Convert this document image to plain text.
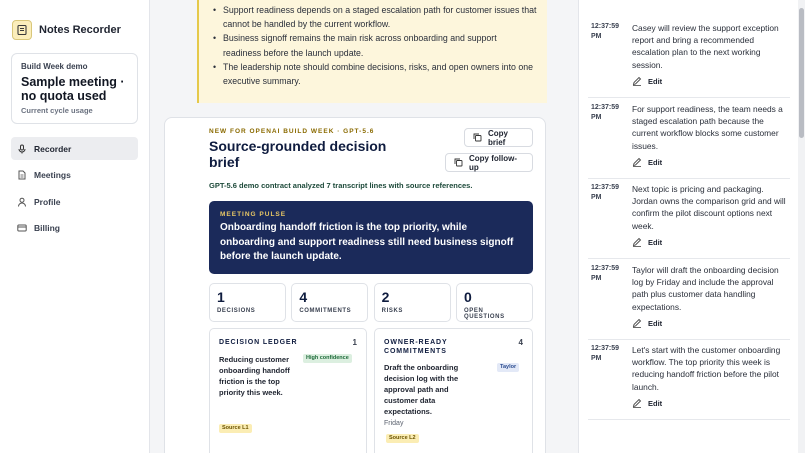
Notes Recorder
Build Week demo
Sample meeting · no quota used
Current cycle usage
Recorder
Meetings
Profile
Billing
• Support readiness depends on a staged escalation path for customer issues that cannot be handled by the current workflow.
• Business signoff remains the main risk across onboarding and support readiness before the launch update.
• The leadership note should combine decisions, risks, and open owners into one executive summary.
NEW FOR OPENAI BUILD WEEK · GPT-5.6
Source-grounded decision brief
Copy brief
Copy follow-up
GPT-5.6 demo contract analyzed 7 transcript lines with source references.
MEETING PULSE
Onboarding handoff friction is the top priority, while onboarding and support readiness still need business signoff before the launch update.
1
DECISIONS
4
COMMITMENTS
2
RISKS
0
OPEN QUESTIONS
DECISION LEDGER	1
Reducing customer onboarding handoff friction is the top priority this week.
High confidence
Source L1
OWNER-READY COMMITMENTS
4
Draft the onboarding decision log with the approval path and customer data expectations.
Taylor
Friday
Source L2
12:37:59 PM
Casey will review the support exception report and bring a recommended escalation plan to the next working session.
Edit
12:37:59 PM
For support readiness, the team needs a staged escalation path because the current workflow blocks some customer issues.
Edit
12:37:59 PM
Next topic is pricing and packaging. Jordan owns the comparison grid and will confirm the pilot discount options next week.
Edit
12:37:59 PM
Taylor will draft the onboarding decision log by Friday and include the approval path plus customer data handling expectations.
Edit
12:37:59 PM
Let's start with the customer onboarding workflow. The top priority this week is reducing handoff friction before the pilot launch.
Edit
